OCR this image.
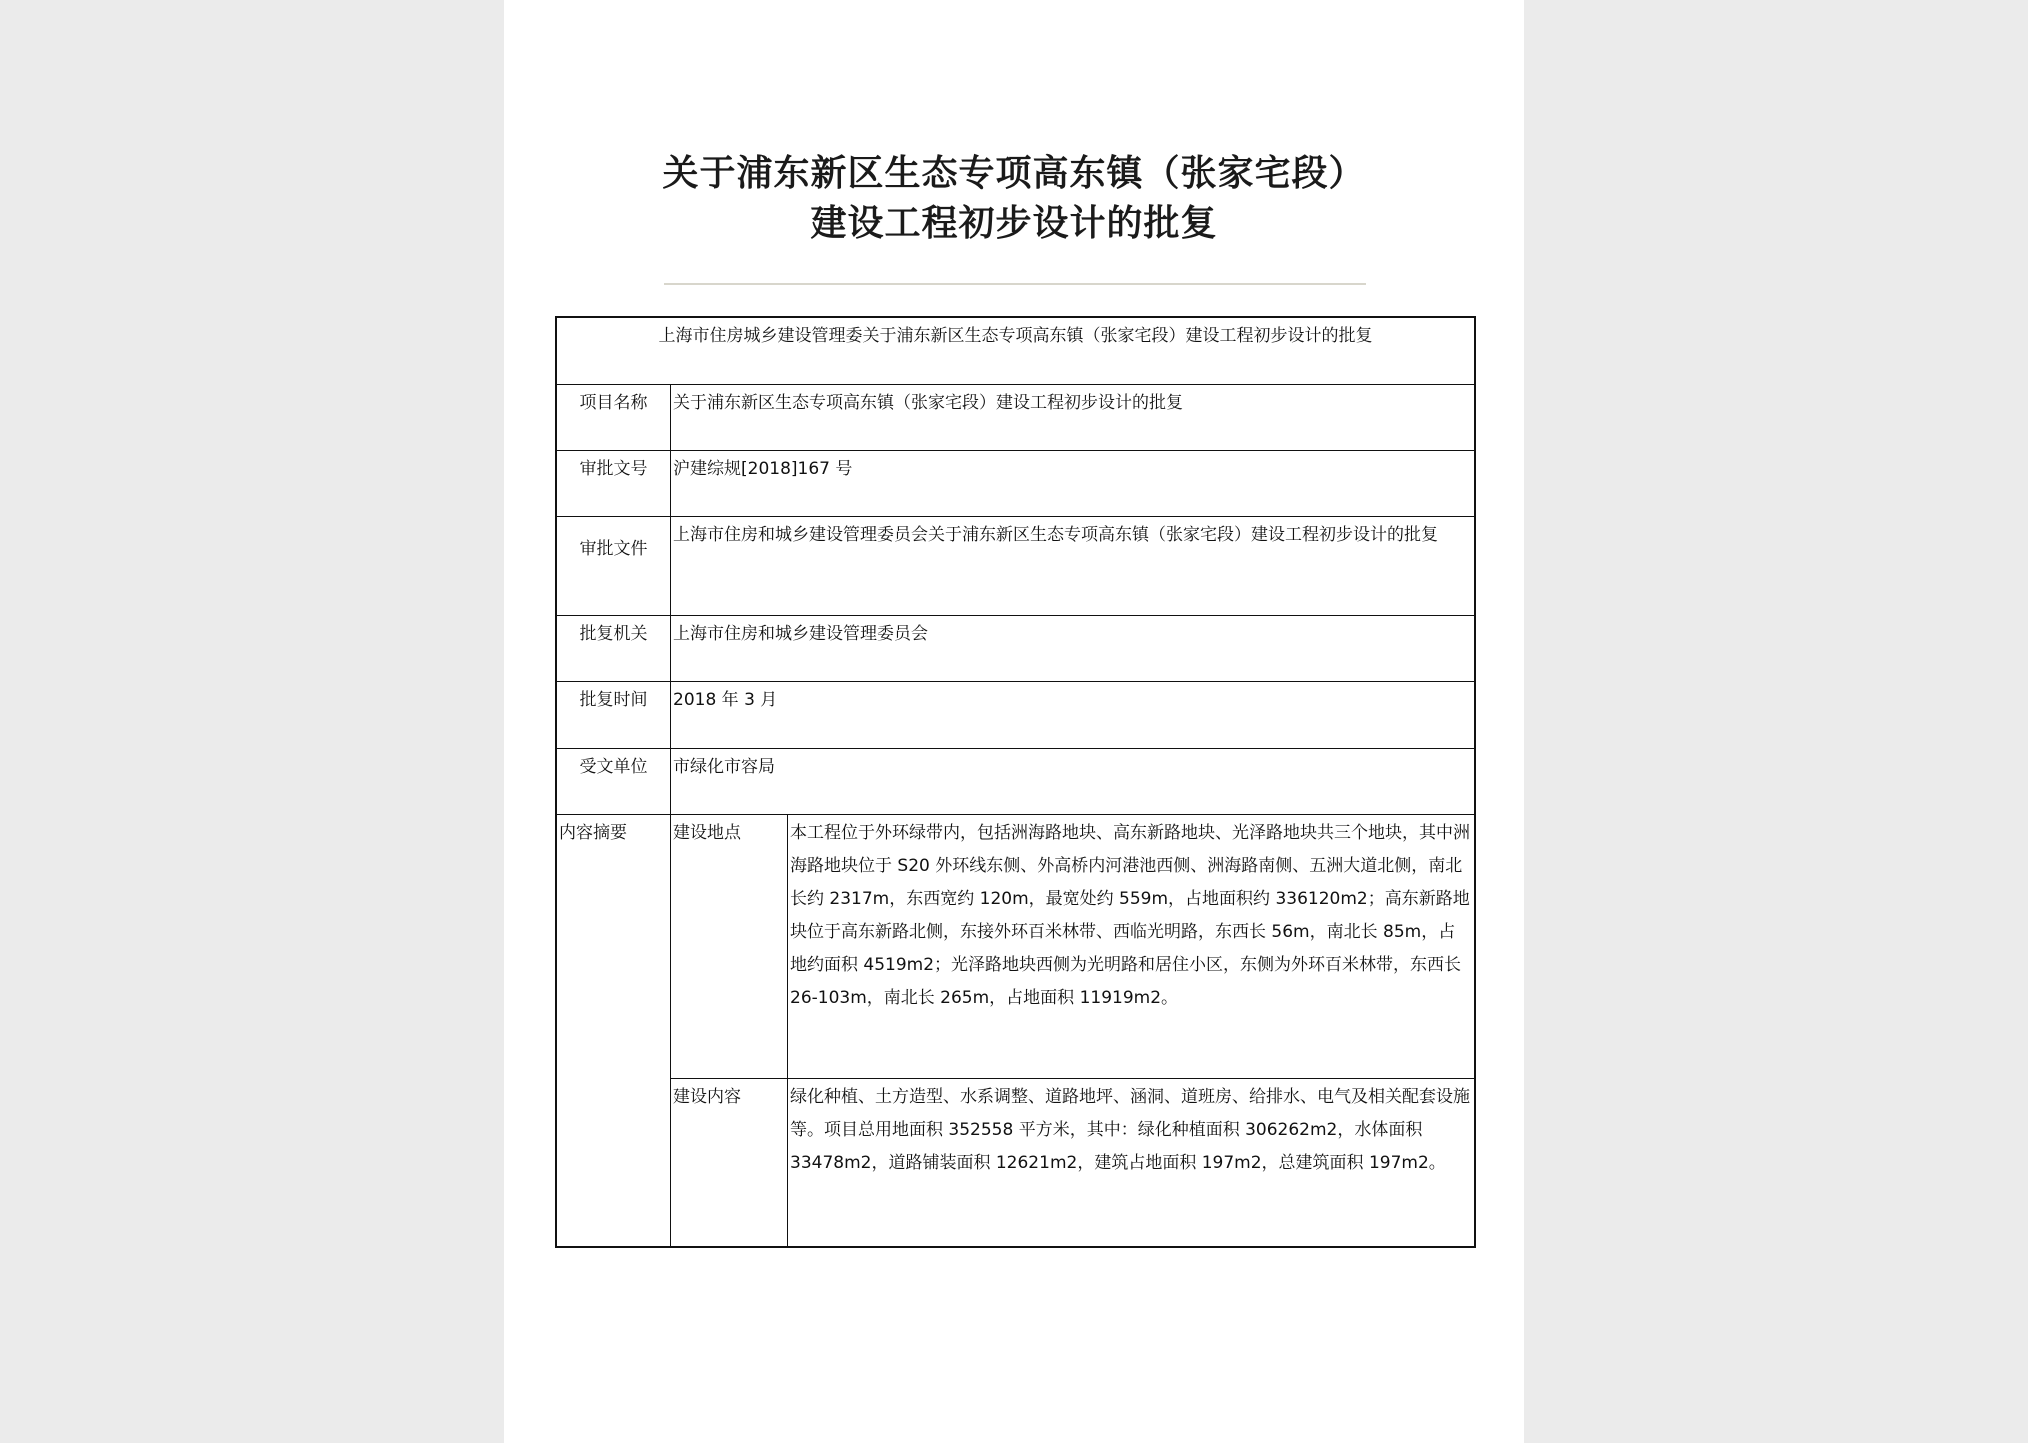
关于浦东新区生态专项高东镇（张家宅段）
建设工程初步设计的批复
上海市住房城乡建设管理委关于浦东新区生态专项高东镇（张家宅段）建设工程初步设计的批复		
项目名称	关于浦东新区生态专项高东镇（张家宅段）建设工程初步设计的批复	
审批文号	沪建综规[2018]167 号	
审批文件	上海市住房和城乡建设管理委员会关于浦东新区生态专项高东镇（张家宅段）建设工程初步设计的批复	
批复机关	上海市住房和城乡建设管理委员会	
批复时间	2018 年 3 月	
受文单位	市绿化市容局	
内容摘要	建设地点	本工程位于外环绿带内，包括洲海路地块、高东新路地块、光泽路地块共三个地块，其中洲海路地块位于 S20 外环线东侧、外高桥内河港池西侧、洲海路南侧、五洲大道北侧，南北长约 2317m，东西宽约 120m，最宽处约 559m，占地面积约 336120m2；高东新路地块位于高东新路北侧，东接外环百米林带、西临光明路，东西长 56m，南北长 85m，占地约面积 4519m2；光泽路地块西侧为光明路和居住小区，东侧为外环百米林带，东西长 26-103m，南北长 265m，占地面积 11919m2。
	建设内容	绿化种植、土方造型、水系调整、道路地坪、涵洞、道班房、给排水、电气及相关配套设施等。项目总用地面积 352558 平方米，其中：绿化种植面积 306262m2，水体面积 33478m2，道路铺装面积 12621m2，建筑占地面积 197m2，总建筑面积 197m2。
